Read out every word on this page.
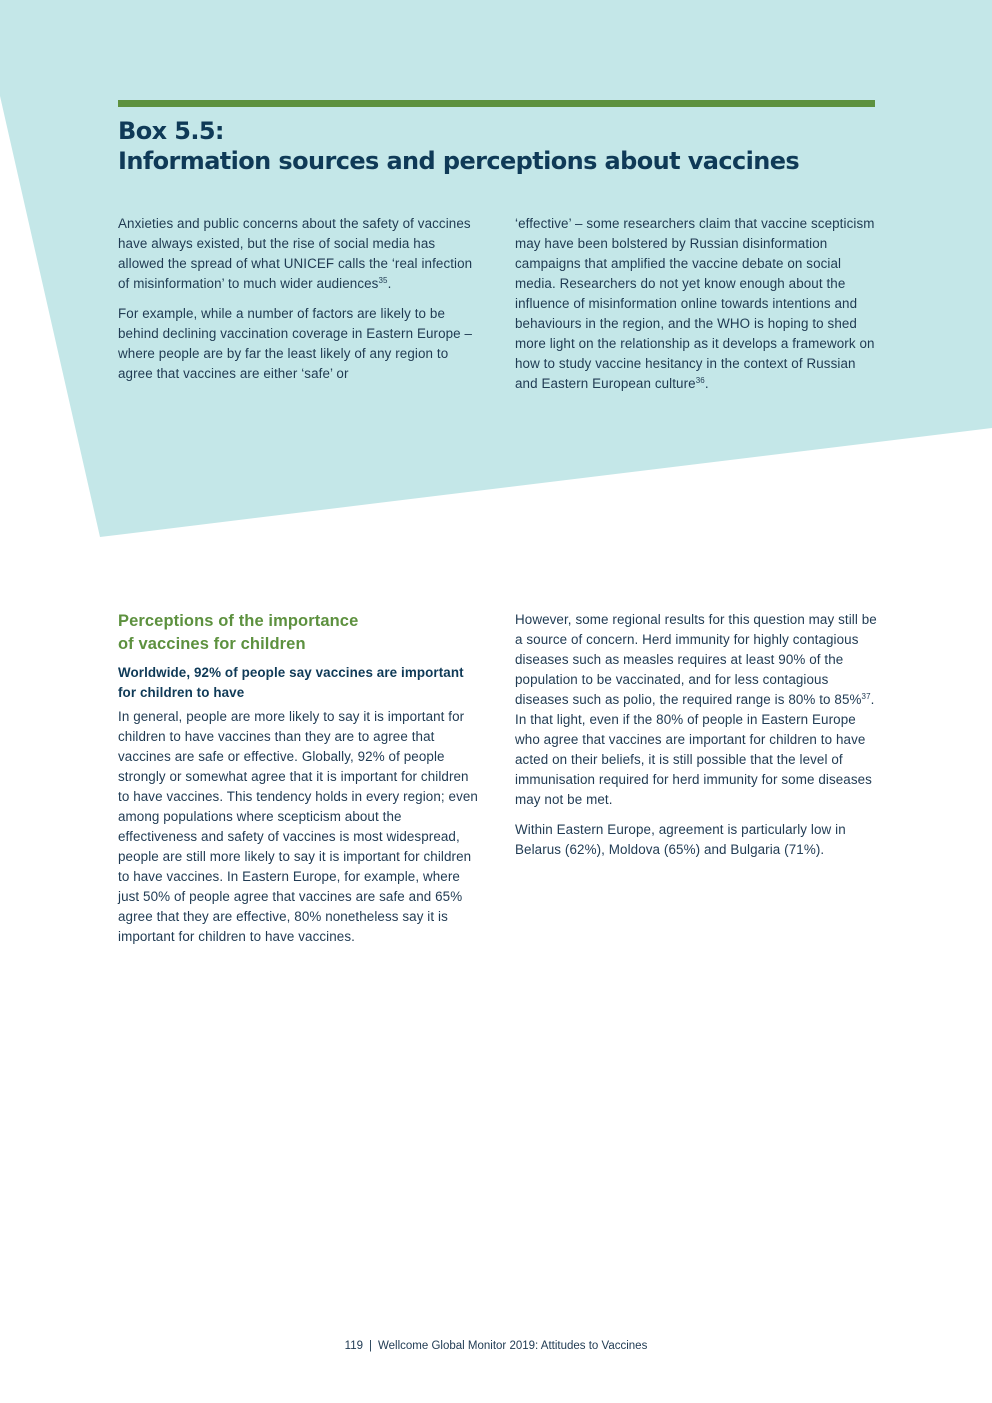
Box 5.5:
Information sources and perceptions about vaccines

Anxieties and public concerns about the safety of vaccines have always existed, but the rise of social media has allowed the spread of what UNICEF calls the ‘real infection of misinformation’ to much wider audiences$^{35}$.

For example, while a number of factors are likely to be behind declining vaccination coverage in Eastern Europe – where people are by far the least likely of any region to agree that vaccines are either ‘safe’ or

‘effective’ – some researchers claim that vaccine scepticism may have been bolstered by Russian disinformation campaigns that amplified the vaccine debate on social media. Researchers do not yet know enough about the influence of misinformation online towards intentions and behaviours in the region, and the WHO is hoping to shed more light on the relationship as it develops a framework on how to study vaccine hesitancy in the context of Russian and Eastern European culture$^{36}$.

Perceptions of the importance
of vaccines for children
Worldwide, 92% of people say vaccines are important for children to have

In general, people are more likely to say it is important for children to have vaccines than they are to agree that vaccines are safe or effective. Globally, 92% of people strongly or somewhat agree that it is important for children to have vaccines. This tendency holds in every region; even among populations where scepticism about the effectiveness and safety of vaccines is most widespread, people are still more likely to say it is important for children to have vaccines. In Eastern Europe, for example, where just 50% of people agree that vaccines are safe and 65% agree that they are effective, 80% nonetheless say it is important for children to have vaccines.

However, some regional results for this question may still be a source of concern. Herd immunity for highly contagious diseases such as measles requires at least 90% of the population to be vaccinated, and for less contagious diseases such as polio, the required range is 80% to 85%$^{37}$. In that light, even if the 80% of people in Eastern Europe who agree that vaccines are important for children to have acted on their beliefs, it is still possible that the level of immunisation required for herd immunity for some diseases may not be met.

Within Eastern Europe, agreement is particularly low in Belarus (62%), Moldova (65%) and Bulgaria (71%).

119 | Wellcome Global Monitor 2019: Attitudes to Vaccines
